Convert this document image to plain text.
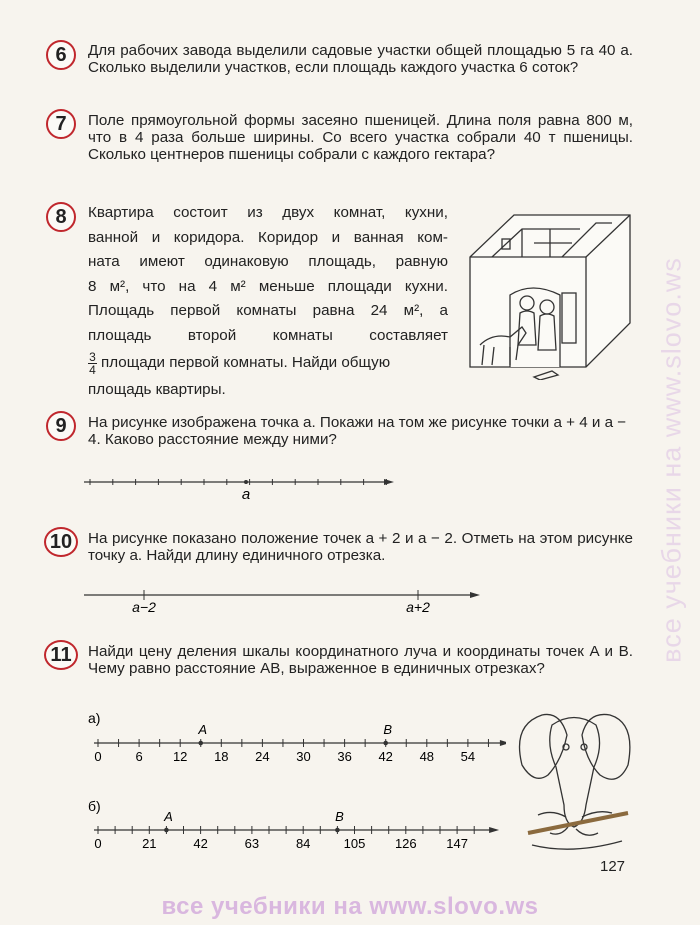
6	Для рабочих завода выделили садовые участки общей площадью 5 га 40 а. Сколько выделили участков, если площадь каждого участка 6 соток?
7	Поле прямоугольной формы засеяно пшеницей. Длина поля равна 800 м, что в 4 раза больше ширины. Со всего участка собрали 40 т пшеницы. Сколько центнеров пшеницы собрали с каждого гектара?
8	Квартира состоит из двух комнат, кухни,

ванной и коридора. Коридор и ванная ком-

ната имеют одинаковую площадь, равную

8 м², что на 4 м² меньше площади кухни.

Площадь первой комнаты равна 24 м², а

площадь второй комнаты составляет

$\frac{3}{4}$ площади первой комнаты. Найди общую

площадь квартиры.

9	На рисунке изображена точка a. Покажи на том же рисунке точки a + 4 и a − 4. Каково расстояние между ними?
a
10	На рисунке показано положение точек a + 2 и a − 2. Отметь на этом рисунке точку a. Найди длину единичного отрезка.
a−2	a+2
11	Найди цену деления шкалы координатного луча и координаты точек A и B. Чему равно расстояние AB, выраженное в единичных отрезках?
а)
0	6 12 18 24 30 36 42 48 54
A	B
б)
0	21	42	63	84	105 126 147
A	B
127
все учебники на www.slovo.ws
все учебники на www.slovo.ws
